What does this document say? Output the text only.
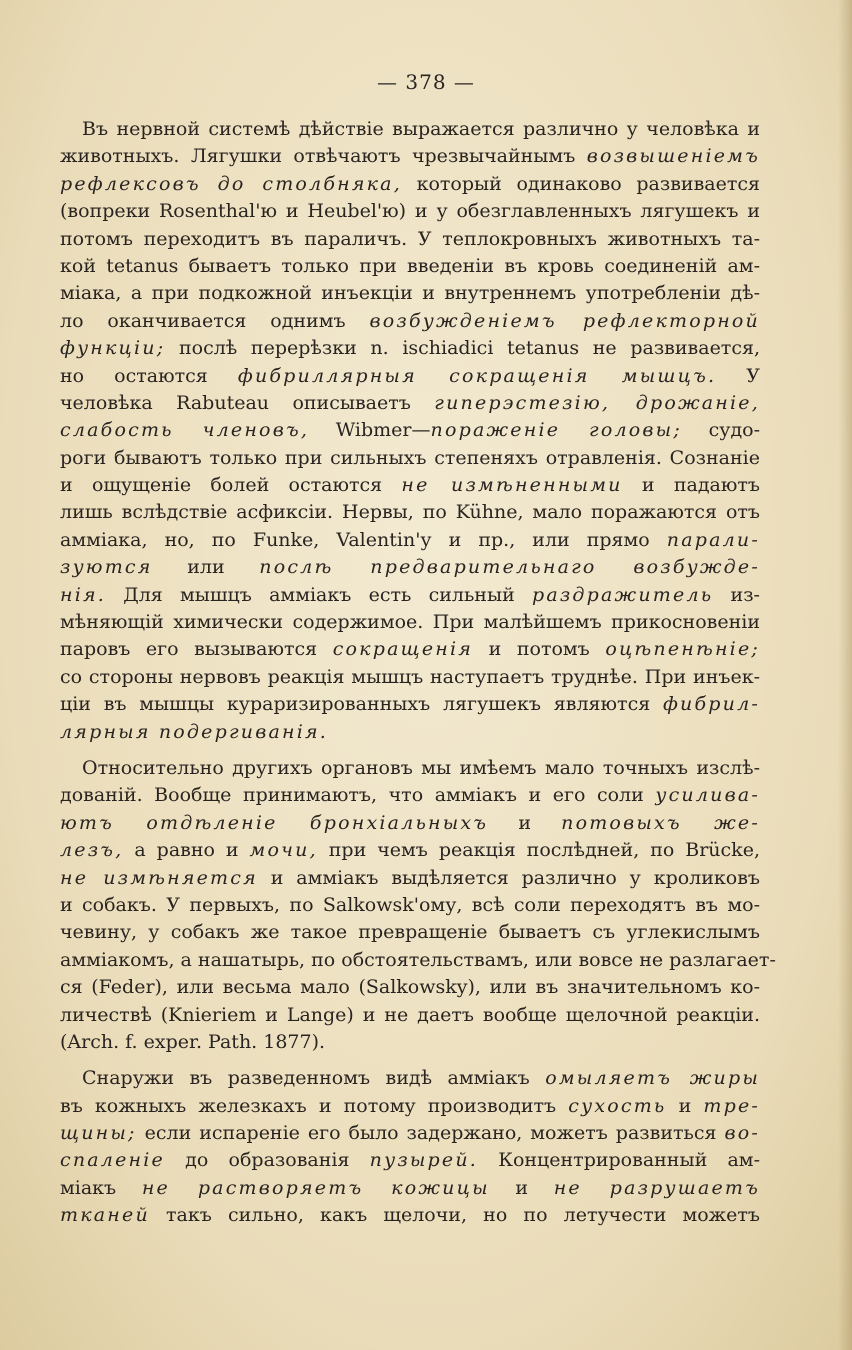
— 378 —
Въ нервной системѣ дѣйствіе выражается различно у человѣка и
животныхъ. Лягушки отвѣчаютъ чрезвычайнымъ возвышеніемъ
рефлексовъ до столбняка, который одинаково развивается
(вопреки Rosenthal'ю и Heubel'ю) и у обезглавленныхъ лягушекъ и
потомъ переходитъ въ параличъ. У теплокровныхъ животныхъ та-
кой tetanus бываетъ только при введеніи въ кровь соединеній ам-
міака, а при подкожной инъекціи и внутреннемъ употребленіи дѣ-
ло оканчивается однимъ возбужденіемъ рефлекторной
функціи; послѣ перерѣзки n. ischiadici tetanus не развивается,
но остаются фибриллярныя сокращенія мышцъ. У
человѣка Rabuteau описываетъ гиперэстезію, дрожаніе,
слабость членовъ, Wibmer—пораженіе головы; судо-
роги бываютъ только при сильныхъ степеняхъ отравленія. Сознаніе
и ощущеніе болей остаются не измѣненными и падаютъ
лишь вслѣдствіе асфиксіи. Нервы, по Kühne, мало поражаются отъ
амміака, но, по Funke, Valentin'у и пр., или прямо парали-
зуются или послѣ предварительнаго возбужде-
нія. Для мышцъ амміакъ есть сильный раздражитель из-
мѣняющій химически содержимое. При малѣйшемъ прикосновеніи
паровъ его вызываются сокращенія и потомъ оцѣпенѣніе;
со стороны нервовъ реакція мышцъ наступаетъ труднѣе. При инъек-
ціи въ мышцы кураризированныхъ лягушекъ являются фибрил-
лярныя подергиванія.
Относительно другихъ органовъ мы имѣемъ мало точныхъ изслѣ-
дованій. Вообще принимаютъ, что амміакъ и его соли усилива-
ютъ отдѣленіе бронхіальныхъ и потовыхъ же-
лезъ, а равно и мочи, при чемъ реакція послѣдней, по Brücke,
не измѣняется и амміакъ выдѣляется различно у кроликовъ
и собакъ. У первыхъ, по Salkowsk'ому, всѣ соли переходятъ въ мо-
чевину, у собакъ же такое превращеніе бываетъ съ углекислымъ
амміакомъ, а нашатырь, по обстоятельствамъ, или вовсе не разлагает-
ся (Feder), или весьма мало (Salkowsky), или въ значительномъ ко-
личествѣ (Knieriem и Lange) и не даетъ вообще щелочной реакціи.
(Arch. f. exper. Path. 1877).
Снаружи въ разведенномъ видѣ амміакъ омыляетъ жиры
въ кожныхъ железкахъ и потому производитъ сухость и тре-
щины; если испареніе его было задержано, можетъ развиться во-
спаленіе до образованія пузырей. Концентрированный ам-
міакъ не растворяетъ кожицы и не разрушаетъ
тканей такъ сильно, какъ щелочи, но по летучести можетъ
